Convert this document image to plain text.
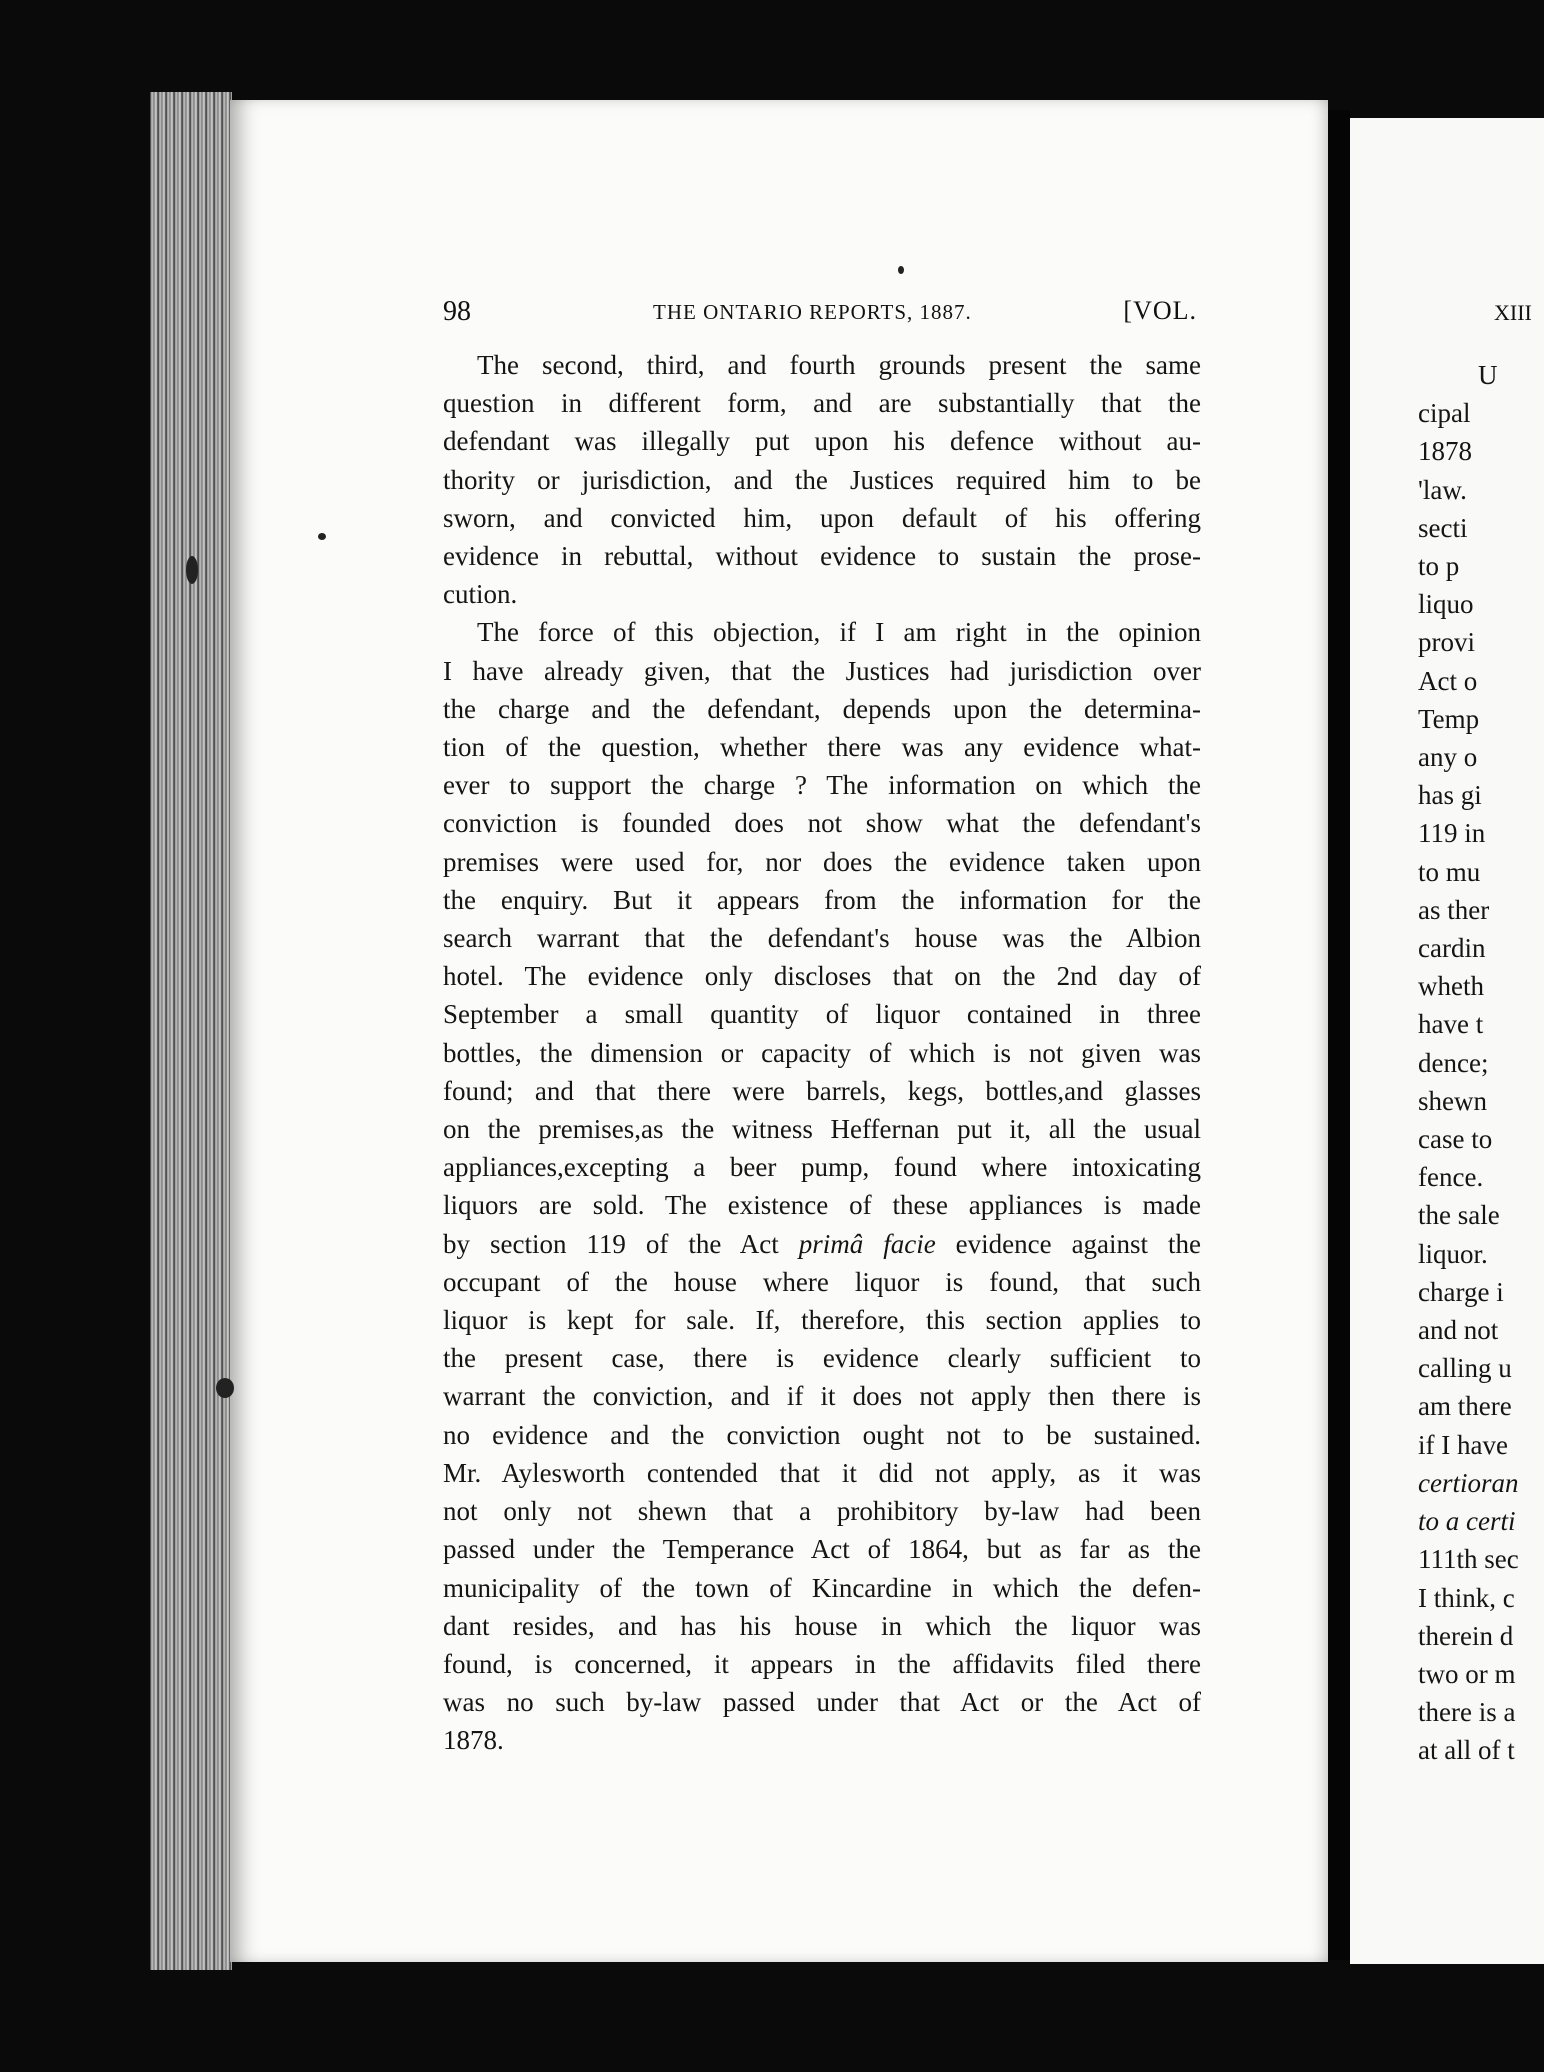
98	THE ONTARIO REPORTS, 1887.	[VOL.
The second, third, and fourth grounds present the same
question in different form, and are substantially that the
defendant was illegally put upon his defence without au-
thority or jurisdiction, and the Justices required him to be
sworn, and convicted him, upon default of his offering
evidence in rebuttal, without evidence to sustain the prose-
cution.
The force of this objection, if I am right in the opinion
I have already given, that the Justices had jurisdiction over
the charge and the defendant, depends upon the determina-
tion of the question, whether there was any evidence what-
ever to support the charge ? The information on which the
conviction is founded does not show what the defendant's
premises were used for, nor does the evidence taken upon
the enquiry. But it appears from the information for the
search warrant that the defendant's house was the Albion
hotel. The evidence only discloses that on the 2nd day of
September a small quantity of liquor contained in three
bottles, the dimension or capacity of which is not given was
found; and that there were barrels, kegs, bottles,and glasses
on the premises,as the witness Heffernan put it, all the usual
appliances,excepting a beer pump, found where intoxicating
liquors are sold. The existence of these appliances is made
by section 119 of the Act primâ facie evidence against the
occupant of the house where liquor is found, that such
liquor is kept for sale. If, therefore, this section applies to
the present case, there is evidence clearly sufficient to
warrant the conviction, and if it does not apply then there is
no evidence and the conviction ought not to be sustained.
Mr. Aylesworth contended that it did not apply, as it was
not only not shewn that a prohibitory by-law had been
passed under the Temperance Act of 1864, but as far as the
municipality of the town of Kincardine in which the defen-
dant resides, and has his house in which the liquor was
found, is concerned, it appears in the affidavits filed there
was no such by-law passed under that Act or the Act of
1878.
XIII
U
cipal
1878
'law.
secti
to p
liquo
provi
Act o
Temp
any o
has gi
119 in
to mu
as ther
cardin
wheth
have t
dence;
shewn
case to
fence.
the sale
liquor.
charge i
and not
calling u
am there
if I have
certioran
to a certi
111th sec
I think, c
therein d
two or m
there is a
at all of t
